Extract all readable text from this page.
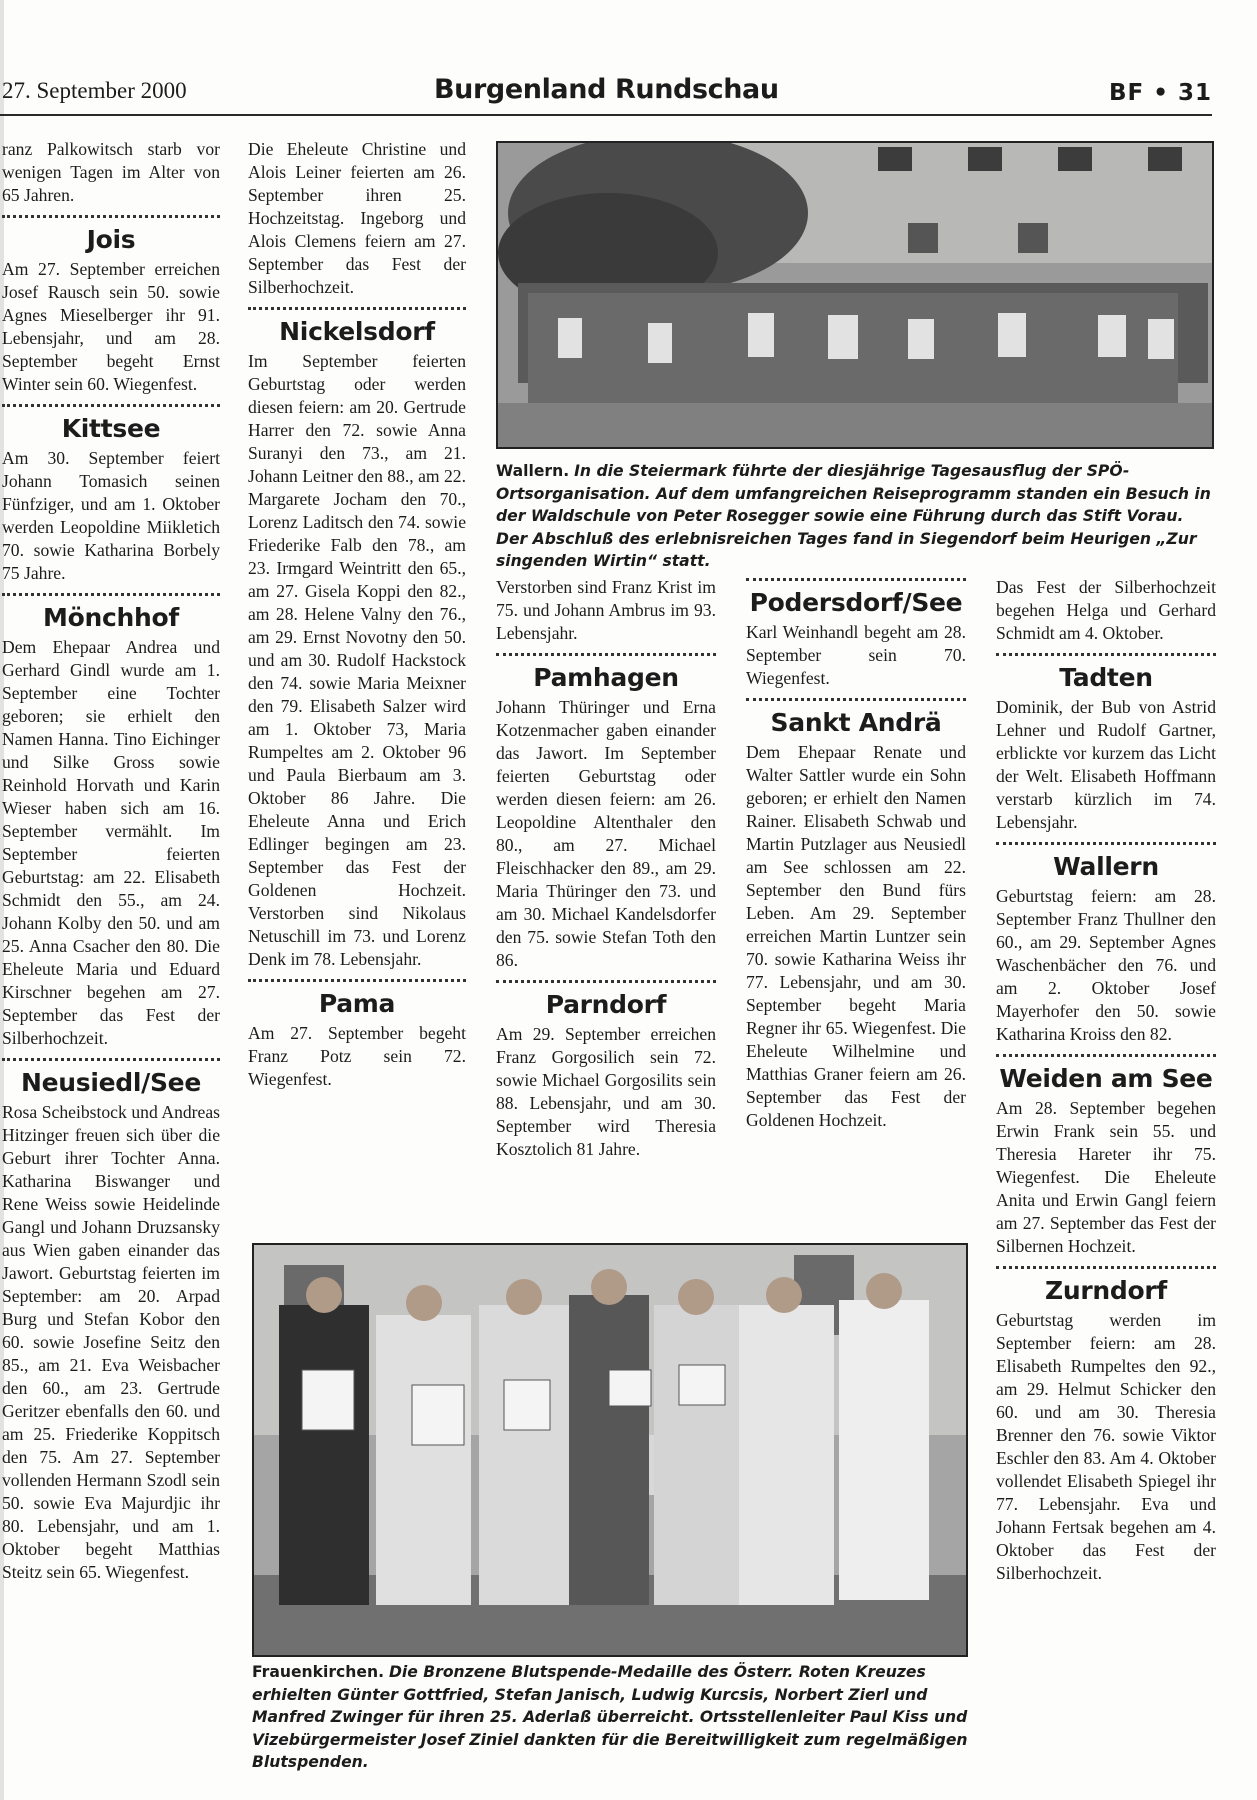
27. September 2000	Burgenland Rundschau	BF • 31

ranz Palkowitsch starb vor wenigen Tagen im Alter von 65 Jahren.

Jois

Am 27. September erreichen Josef Rausch sein 50. sowie Agnes Mieselberger ihr 91. Lebensjahr, und am 28. September begeht Ernst Winter sein 60. Wiegenfest.

Kittsee

Am 30. September feiert Johann Tomasich seinen Fünfziger, und am 1. Oktober werden Leopoldine Miikletich 70. sowie Katharina Borbely 75 Jahre.

Mönchhof

Dem Ehepaar Andrea und Gerhard Gindl wurde am 1. September eine Tochter geboren; sie erhielt den Namen Hanna. Tino Eichinger und Silke Gross sowie Reinhold Horvath und Karin Wieser haben sich am 16. September vermählt. Im September feierten Geburtstag: am 22. Elisabeth Schmidt den 55., am 24. Johann Kolby den 50. und am 25. Anna Csacher den 80. Die Eheleute Maria und Eduard Kirschner begehen am 27. September das Fest der Silberhochzeit.

Neusiedl/See

Rosa Scheibstock und Andreas Hitzinger freuen sich über die Geburt ihrer Tochter Anna. Katharina Biswanger und Rene Weiss sowie Heidelinde Gangl und Johann Druzsansky aus Wien gaben einander das Jawort. Geburtstag feierten im September: am 20. Arpad Burg und Stefan Kobor den 60. sowie Josefine Seitz den 85., am 21. Eva Weisbacher den 60., am 23. Gertrude Geritzer ebenfalls den 60. und am 25. Friederike Koppitsch den 75. Am 27. September vollenden Hermann Szodl sein 50. sowie Eva Majurdjic ihr 80. Lebensjahr, und am 1. Oktober begeht Matthias Steitz sein 65. Wiegenfest.

Die Eheleute Christine und Alois Leiner feierten am 26. September ihren 25. Hochzeitstag. Ingeborg und Alois Clemens feiern am 27. September das Fest der Silberhochzeit.

Nickelsdorf

Im September feierten Geburtstag oder werden diesen feiern: am 20. Gertrude Harrer den 72. sowie Anna Suranyi den 73., am 21. Johann Leitner den 88., am 22. Margarete Jocham den 70., Lorenz Laditsch den 74. sowie Friederike Falb den 78., am 23. Irmgard Weintritt den 65., am 27. Gisela Koppi den 82., am 28. Helene Valny den 76., am 29. Ernst Novotny den 50. und am 30. Rudolf Hackstock den 74. sowie Maria Meixner den 79. Elisabeth Salzer wird am 1. Oktober 73, Maria Rumpeltes am 2. Oktober 96 und Paula Bierbaum am 3. Oktober 86 Jahre. Die Eheleute Anna und Erich Edlinger begingen am 23. September das Fest der Goldenen Hochzeit. Verstorben sind Nikolaus Netuschill im 73. und Lorenz Denk im 78. Lebensjahr.

Pama

Am 27. September begeht Franz Potz sein 72. Wiegenfest.

Wallern. In die Steiermark führte der diesjährige Tagesausflug der SPÖ-Ortsorganisation. Auf dem umfangreichen Reiseprogramm standen ein Besuch in der Waldschule von Peter Rosegger sowie eine Führung durch das Stift Vorau. Der Abschluß des erlebnisreichen Tages fand in Siegendorf beim Heurigen „Zur singenden Wirtin“ statt.

Verstorben sind Franz Krist im 75. und Johann Ambrus im 93. Lebensjahr.

Pamhagen

Johann Thüringer und Erna Kotzenmacher gaben einander das Jawort. Im September feierten Geburtstag oder werden diesen feiern: am 26. Leopoldine Altenthaler den 80., am 27. Michael Fleischhacker den 89., am 29. Maria Thüringer den 73. und am 30. Michael Kandelsdorfer den 75. sowie Stefan Toth den 86.

Parndorf

Am 29. September erreichen Franz Gorgosilich sein 72. sowie Michael Gorgosilits sein 88. Lebensjahr, und am 30. September wird Theresia Kosztolich 81 Jahre.

Podersdorf/See

Karl Weinhandl begeht am 28. September sein 70. Wiegenfest.

Sankt Andrä

Dem Ehepaar Renate und Walter Sattler wurde ein Sohn geboren; er erhielt den Namen Rainer. Elisabeth Schwab und Martin Putzlager aus Neusiedl am See schlossen am 22. September den Bund fürs Leben. Am 29. September erreichen Martin Luntzer sein 70. sowie Katharina Weiss ihr 77. Lebensjahr, und am 30. September begeht Maria Regner ihr 65. Wiegenfest. Die Eheleute Wilhelmine und Matthias Graner feiern am 26. September das Fest der Goldenen Hochzeit.

Das Fest der Silberhochzeit begehen Helga und Gerhard Schmidt am 4. Oktober.

Tadten

Dominik, der Bub von Astrid Lehner und Rudolf Gartner, erblickte vor kurzem das Licht der Welt. Elisabeth Hoffmann verstarb kürzlich im 74. Lebensjahr.

Wallern

Geburtstag feiern: am 28. September Franz Thullner den 60., am 29. September Agnes Waschenbächer den 76. und am 2. Oktober Josef Mayerhofer den 50. sowie Katharina Kroiss den 82.

Weiden am See

Am 28. September begehen Erwin Frank sein 55. und Theresia Hareter ihr 75. Wiegenfest. Die Eheleute Anita und Erwin Gangl feiern am 27. September das Fest der Silbernen Hochzeit.

Zurndorf

Geburtstag werden im September feiern: am 28. Elisabeth Rumpeltes den 92., am 29. Helmut Schicker den 60. und am 30. Theresia Brenner den 76. sowie Viktor Eschler den 83. Am 4. Oktober vollendet Elisabeth Spiegel ihr 77. Lebensjahr. Eva und Johann Fertsak begehen am 4. Oktober das Fest der Silberhochzeit.

Frauenkirchen. Die Bronzene Blutspende-Medaille des Österr. Roten Kreuzes erhielten Günter Gottfried, Stefan Janisch, Ludwig Kurcsis, Norbert Zierl und Manfred Zwinger für ihren 25. Aderlaß überreicht. Ortsstellenleiter Paul Kiss und Vizebürgermeister Josef Ziniel dankten für die Bereitwilligkeit zum regelmäßigen Blutspenden.
